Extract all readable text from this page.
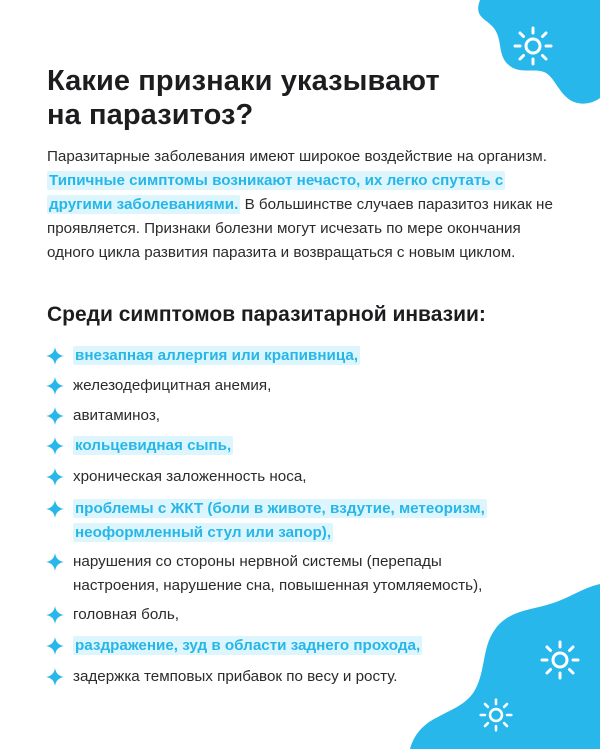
Какие признаки указывают на паразитоз?

Паразитарные заболевания имеют широкое воздействие на организм. Типичные симптомы возникают нечасто, их легко спутать с другими заболеваниями. В большинстве случаев паразитоз никак не проявляется. Признаки болезни могут исчезать по мере окончания одного цикла развития паразита и возвращаться с новым циклом.

Среди симптомов паразитарной инвазии:
внезапная аллергия или крапивница,
железодефицитная анемия,
авитаминоз,
кольцевидная сыпь,
хроническая заложенность носа,
проблемы с ЖКТ (боли в животе, вздутие, метеоризм, неоформленный стул или запор),
нарушения со стороны нервной системы (перепады настроения, нарушение сна, повышенная утомляемость),
головная боль,
раздражение, зуд в области заднего прохода,
задержка темповых прибавок по весу и росту.
